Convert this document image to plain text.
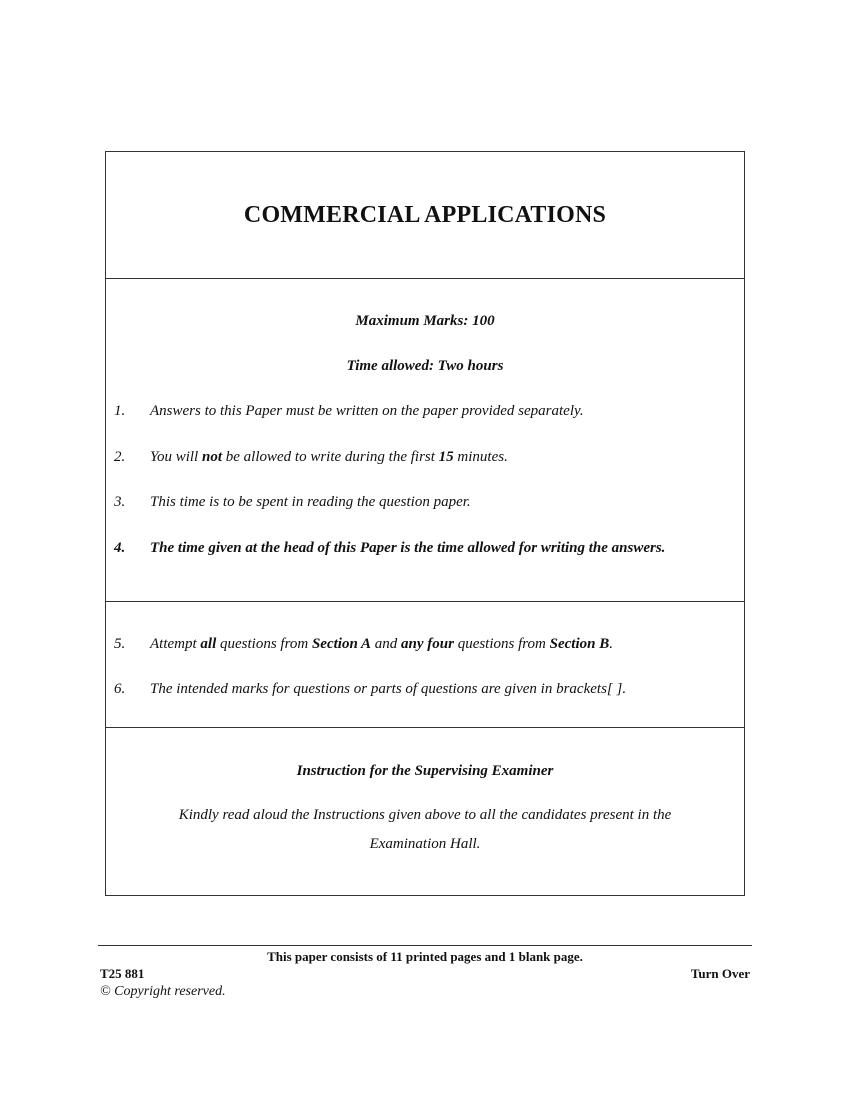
COMMERCIAL APPLICATIONS
Maximum Marks: 100
Time allowed: Two hours
1.	Answers to this Paper must be written on the paper provided separately.
2.	You will not be allowed to write during the first 15 minutes.
3.	This time is to be spent in reading the question paper.
4.	The time given at the head of this Paper is the time allowed for writing the answers.
5.	Attempt all questions from Section A and any four questions from Section B.
6.	The intended marks for questions or parts of questions are given in brackets[ ].
Instruction for the Supervising Examiner
Kindly read aloud the Instructions given above to all the candidates present in the
Examination Hall.
This paper consists of 11 printed pages and 1 blank page.
T25 881	Turn Over
© Copyright reserved.
